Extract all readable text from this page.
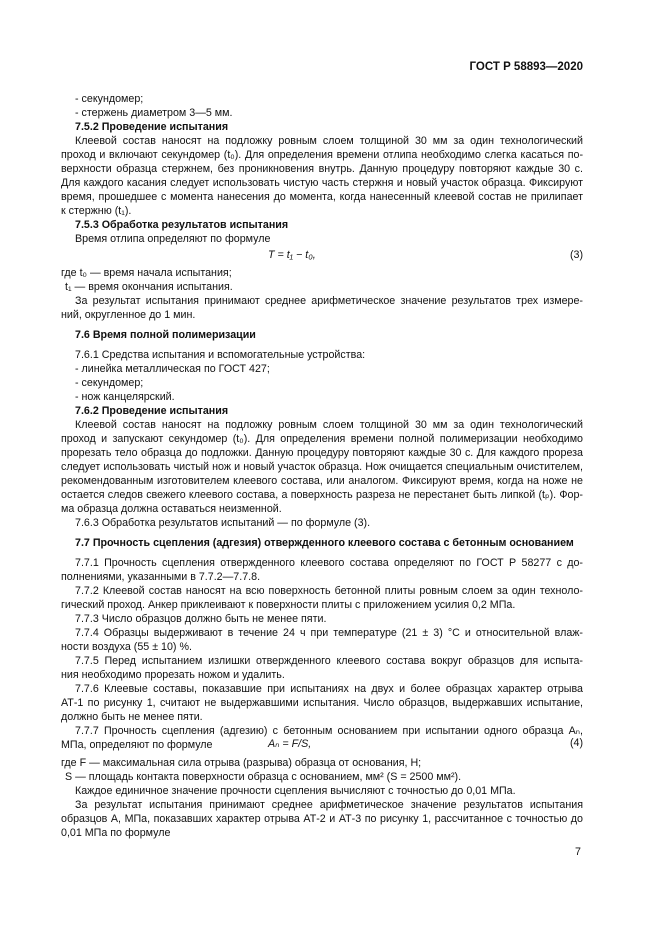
ГОСТ Р 58893—2020
- секундомер;
- стержень диаметром 3—5 мм.
7.5.2 Проведение испытания
Клеевой состав наносят на подложку ровным слоем толщиной 30 мм за один технологический
проход и включают секундомер (t₀). Для определения времени отлипа необходимо слегка касаться по-
верхности образца стержнем, без проникновения внутрь. Данную процедуру повторяют каждые 30 с.
Для каждого касания следует использовать чистую часть стержня и новый участок образца. Фиксируют
время, прошедшее с момента нанесения до момента, когда нанесенный клеевой состав не прилипает
к стержню (t₁).
7.5.3 Обработка результатов испытания
Время отлипа определяют по формуле
T = t₁ − t₀,	(3)
где t₀ — время начала испытания;
t₁ — время окончания испытания.
За результат испытания принимают среднее арифметическое значение результатов трех измере-
ний, округленное до 1 мин.
7.6 Время полной полимеризации
7.6.1 Средства испытания и вспомогательные устройства:
- линейка металлическая по ГОСТ 427;
- секундомер;
- нож канцелярский.
7.6.2 Проведение испытания
Клеевой состав наносят на подложку ровным слоем толщиной 30 мм за один технологический
проход и запускают секундомер (t₀). Для определения времени полной полимеризации необходимо
прорезать тело образца до подложки. Данную процедуру повторяют каждые 30 с. Для каждого прореза
следует использовать чистый нож и новый участок образца. Нож очищается специальным очистителем,
рекомендованным изготовителем клеевого состава, или аналогом. Фиксируют время, когда на ноже не
остается следов свежего клеевого состава, а поверхность разреза не перестанет быть липкой (tₚ). Фор-
ма образца должна оставаться неизменной.
7.6.3 Обработка результатов испытаний — по формуле (3).
7.7 Прочность сцепления (адгезия) отвержденного клеевого состава с бетонным основанием
7.7.1 Прочность сцепления отвержденного клеевого состава определяют по ГОСТ Р 58277 с до-
полнениями, указанными в 7.7.2—7.7.8.
7.7.2 Клеевой состав наносят на всю поверхность бетонной плиты ровным слоем за один техноло-
гический проход. Анкер приклеивают к поверхности плиты с приложением усилия 0,2 МПа.
7.7.3 Число образцов должно быть не менее пяти.
7.7.4 Образцы выдерживают в течение 24 ч при температуре (21 ± 3) °С и относительной влаж-
ности воздуха (55 ± 10) %.
7.7.5 Перед испытанием излишки отвержденного клеевого состава вокруг образцов для испыта-
ния необходимо прорезать ножом и удалить.
7.7.6 Клеевые составы, показавшие при испытаниях на двух и более образцах характер отрыва
АТ-1 по рисунку 1, считают не выдержавшими испытания. Число образцов, выдержавших испытание,
должно быть не менее пяти.
7.7.7 Прочность сцепления (адгезию) с бетонным основанием при испытании одного образца Aₙ,
МПа, определяют по формуле	Aₙ = F/S,	(4)
где F — максимальная сила отрыва (разрыва) образца от основания, Н;
S — площадь контакта поверхности образца с основанием, мм² (S = 2500 мм²).
Каждое единичное значение прочности сцепления вычисляют с точностью до 0,01 МПа.
За результат испытания принимают среднее арифметическое значение результатов испытания
образцов A, МПа, показавших характер отрыва АТ-2 и АТ-3 по рисунку 1, рассчитанное с точностью до
0,01 МПа по формуле
7
